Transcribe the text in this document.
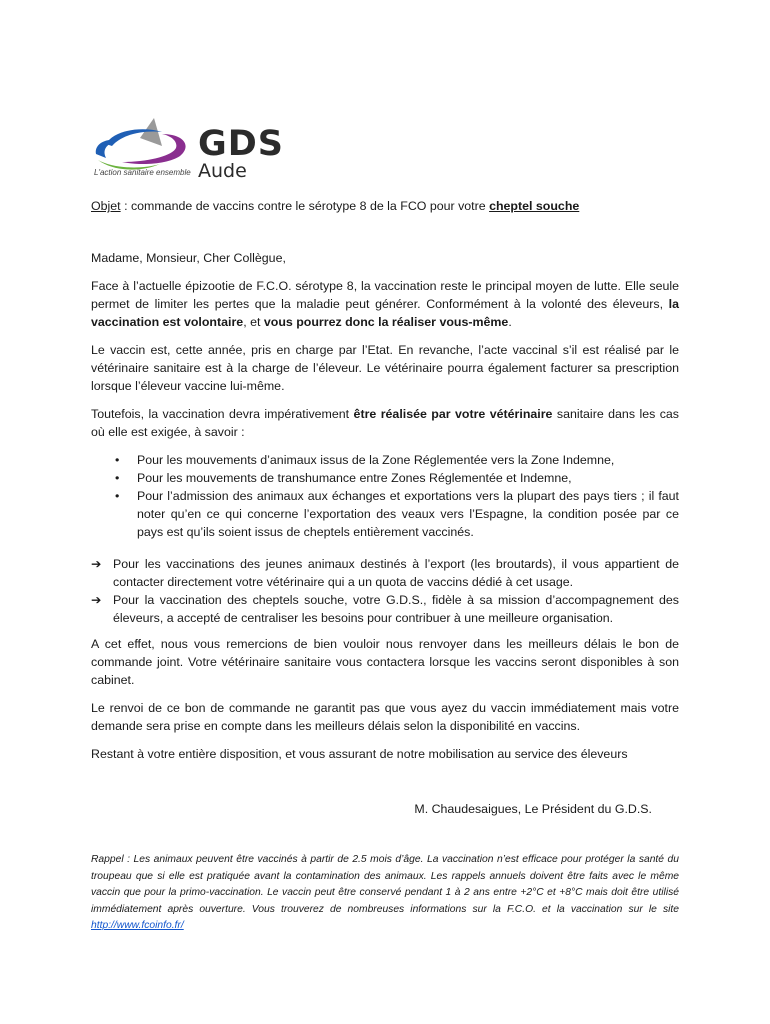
GDS
Aude
L'action sanitaire ensemble

Objet : commande de vaccins contre le sérotype 8 de la FCO pour votre cheptel souche

Madame, Monsieur, Cher Collègue,

Face à l’actuelle épizootie de F.C.O. sérotype 8, la vaccination reste le principal moyen de lutte. Elle seule permet de limiter les pertes que la maladie peut générer. Conformément à la volonté des éleveurs, la vaccination est volontaire, et vous pourrez donc la réaliser vous-même.

Le vaccin est, cette année, pris en charge par l’Etat. En revanche, l’acte vaccinal s’il est réalisé par le vétérinaire sanitaire est à la charge de l’éleveur. Le vétérinaire pourra également facturer sa prescription lorsque l’éleveur vaccine lui-même.

Toutefois, la vaccination devra impérativement être réalisée par votre vétérinaire sanitaire dans les cas où elle est exigée, à savoir :

• Pour les mouvements d’animaux issus de la Zone Réglementée vers la Zone Indemne,
• Pour les mouvements de transhumance entre Zones Réglementée et Indemne,
• Pour l’admission des animaux aux échanges et exportations vers la plupart des pays tiers ; il faut noter qu’en ce qui concerne l’exportation des veaux vers l’Espagne, la condition posée par ce pays est qu’ils soient issus de cheptels entièrement vaccinés.
➔ Pour les vaccinations des jeunes animaux destinés à l’export (les broutards), il vous appartient de contacter directement votre vétérinaire qui a un quota de vaccins dédié à cet usage.
➔ Pour la vaccination des cheptels souche, votre G.D.S., fidèle à sa mission d’accompagnement des éleveurs, a accepté de centraliser les besoins pour contribuer à une meilleure organisation.

A cet effet, nous vous remercions de bien vouloir nous renvoyer dans les meilleurs délais le bon de commande joint. Votre vétérinaire sanitaire vous contactera lorsque les vaccins seront disponibles à son cabinet.

Le renvoi de ce bon de commande ne garantit pas que vous ayez du vaccin immédiatement mais votre demande sera prise en compte dans les meilleurs délais selon la disponibilité en vaccins.

Restant à votre entière disposition, et vous assurant de notre mobilisation au service des éleveurs

M. Chaudesaigues, Le Président du G.D.S.

Rappel : Les animaux peuvent être vaccinés à partir de 2.5 mois d’âge. La vaccination n’est efficace pour protéger la santé du troupeau que si elle est pratiquée avant la contamination des animaux. Les rappels annuels doivent être faits avec le même vaccin que pour la primo-vaccination. Le vaccin peut être conservé pendant 1 à 2 ans entre +2°C et +8°C mais doit être utilisé immédiatement après ouverture. Vous trouverez de nombreuses informations sur la F.C.O. et la vaccination sur le site http://www.fcoinfo.fr/
